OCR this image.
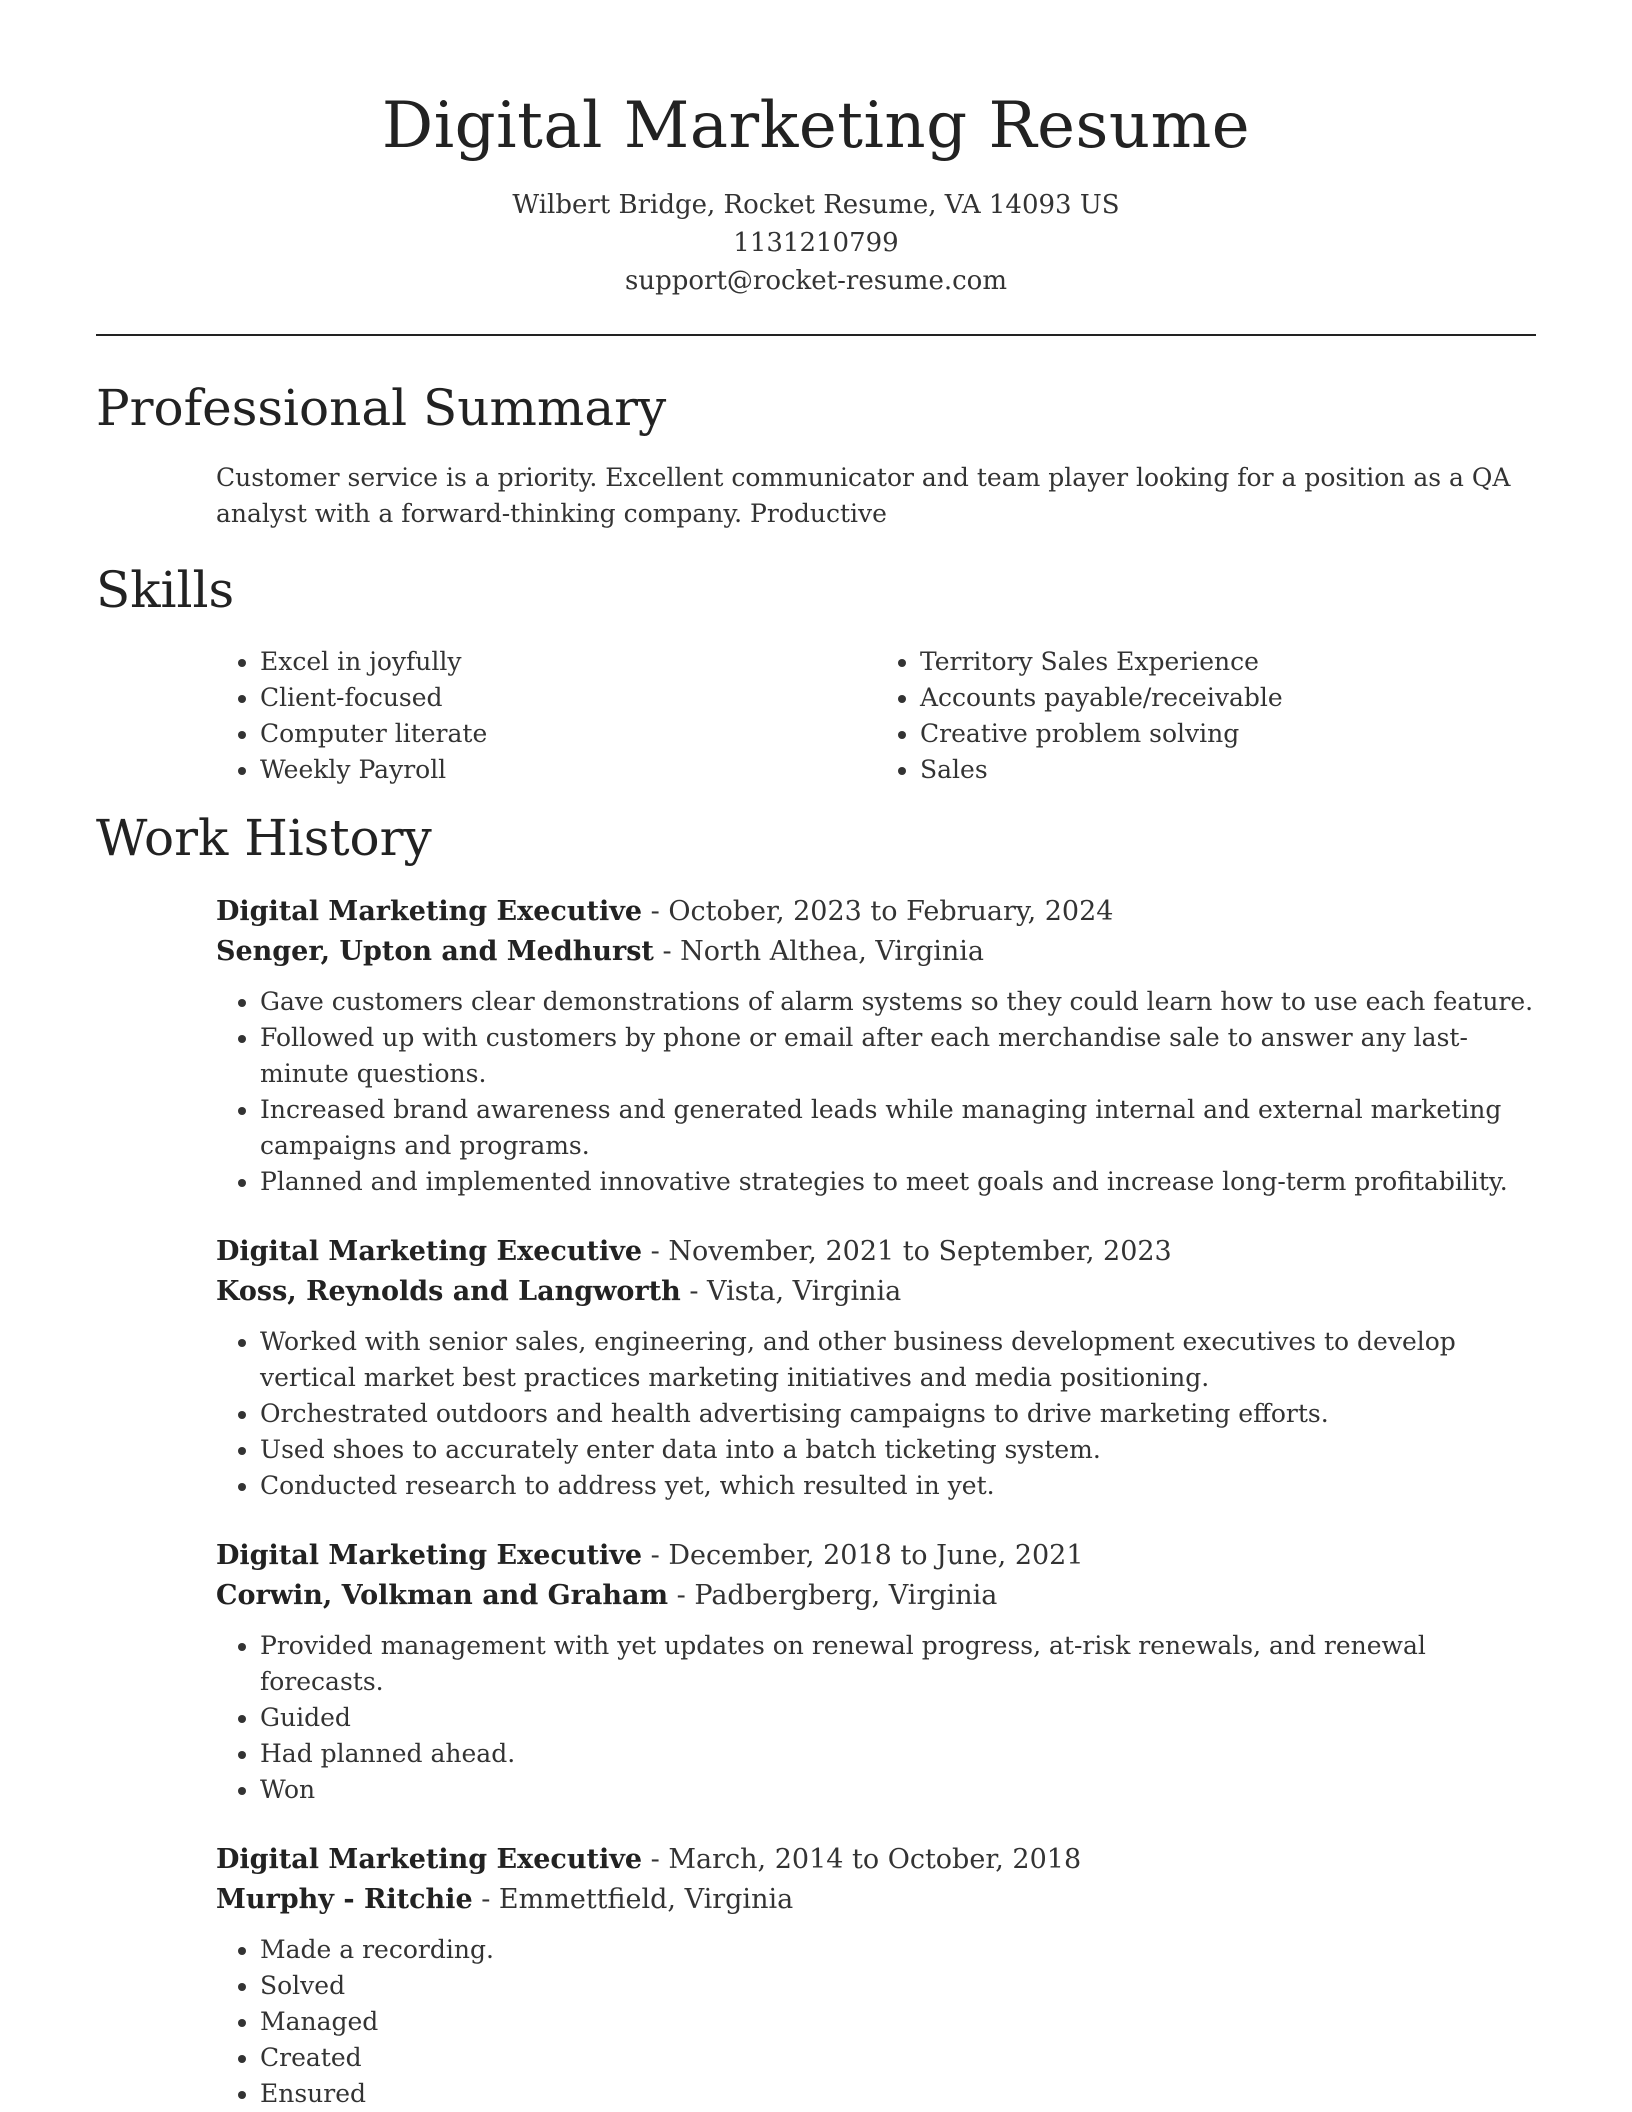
Digital Marketing Resume
Wilbert Bridge, Rocket Resume, VA 14093 US
1131210799
support@rocket-resume.com
Professional Summary

Customer service is a priority. Excellent communicator and team player looking for a position as a QA analyst with a forward-thinking company. Productive

Skills
• Excel in joyfully
• Client-focused
• Computer literate
• Weekly Payroll
• Territory Sales Experience
• Accounts payable/receivable
• Creative problem solving
• Sales
Work History
Digital Marketing Executive - October, 2023 to February, 2024
Senger, Upton and Medhurst - North Althea, Virginia
• Gave customers clear demonstrations of alarm systems so they could learn how to use each feature.
• Followed up with customers by phone or email after each merchandise sale to answer any last-minute questions.
• Increased brand awareness and generated leads while managing internal and external marketing campaigns and programs.
• Planned and implemented innovative strategies to meet goals and increase long-term profitability.
Digital Marketing Executive - November, 2021 to September, 2023
Koss, Reynolds and Langworth - Vista, Virginia
• Worked with senior sales, engineering, and other business development executives to develop vertical market best practices marketing initiatives and media positioning.
• Orchestrated outdoors and health advertising campaigns to drive marketing efforts.
• Used shoes to accurately enter data into a batch ticketing system.
• Conducted research to address yet, which resulted in yet.
Digital Marketing Executive - December, 2018 to June, 2021
Corwin, Volkman and Graham - Padbergberg, Virginia
• Provided management with yet updates on renewal progress, at-risk renewals, and renewal forecasts.
• Guided
• Had planned ahead.
• Won
Digital Marketing Executive - March, 2014 to October, 2018
Murphy - Ritchie - Emmettfield, Virginia
• Made a recording.
• Solved
• Managed
• Created
• Ensured
